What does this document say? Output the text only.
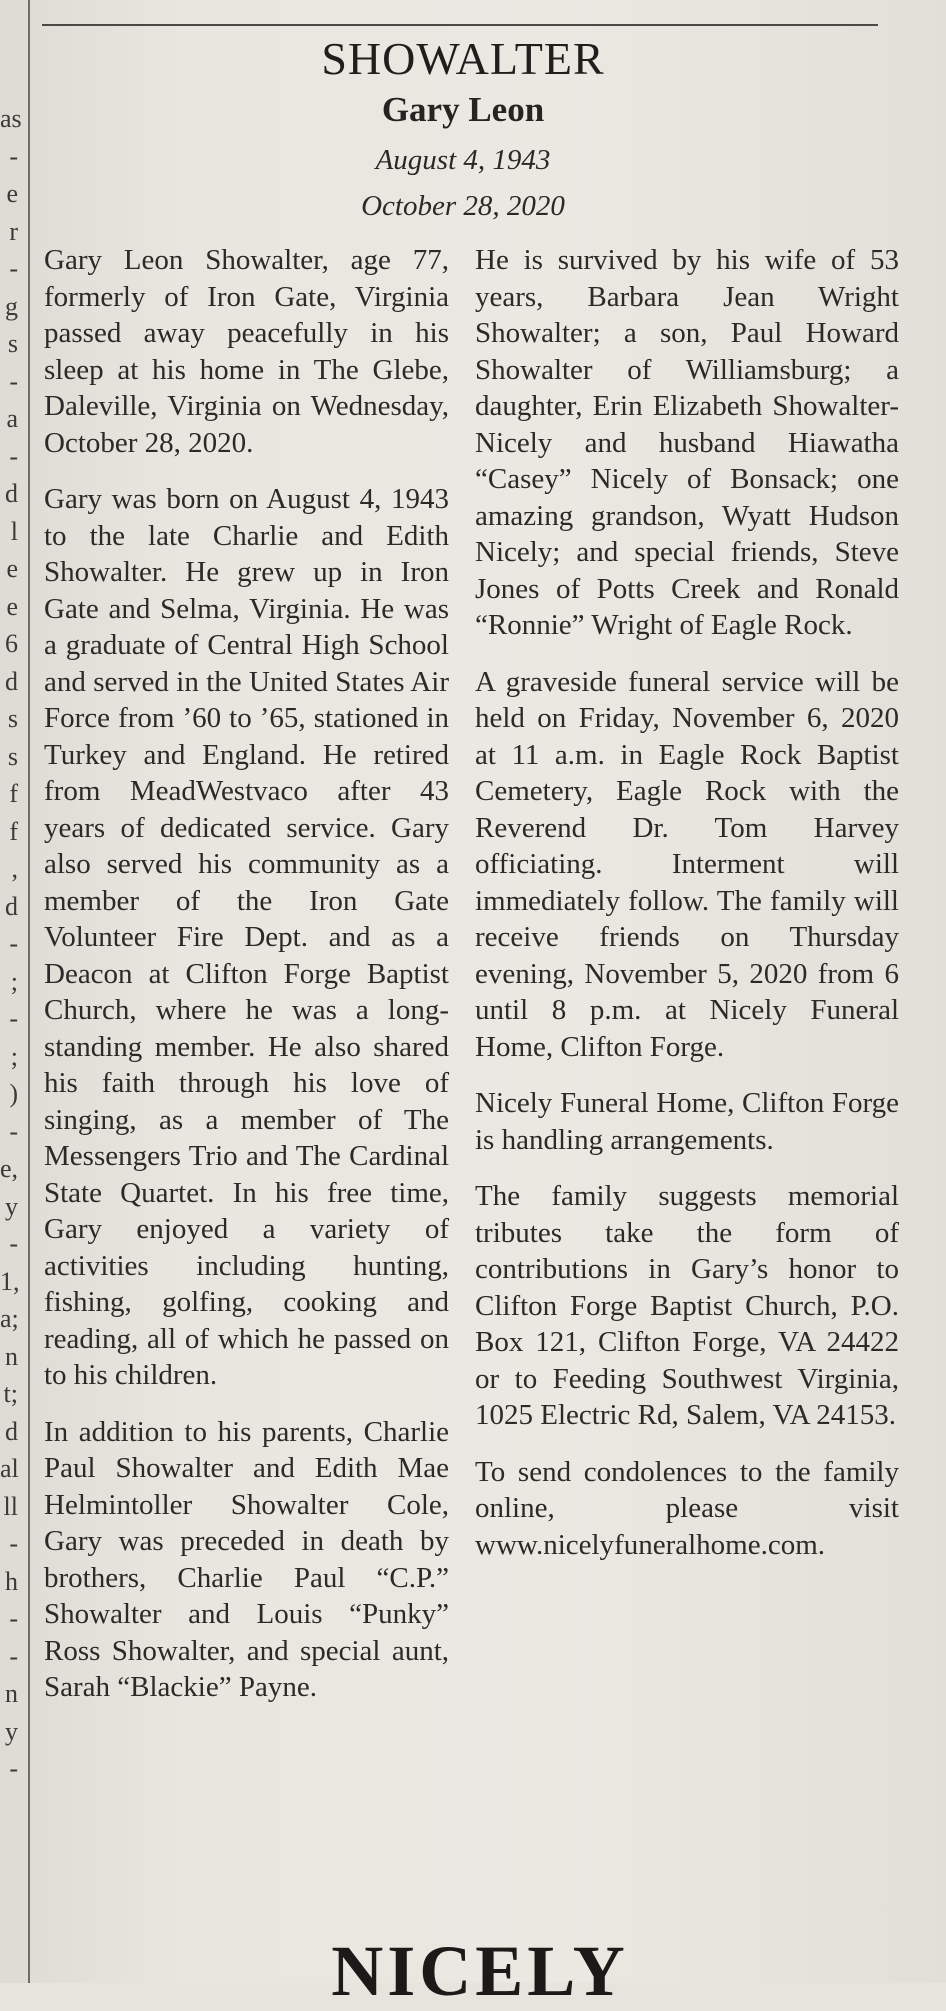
as
-
e
r
-
g
s
-
a
-
d
l
e
e
6
d
s
s
f
f
,
d
-
;
-
;
)
-
e,
y
-
1,
a;
n
t;
d
al
ll
-
h
-
-
n
y
-
SHOWALTER
Gary Leon
August 4, 1943
October 28, 2020

Gary Leon Showalter, age 77, formerly of Iron Gate, Virginia passed away peacefully in his sleep at his home in The Glebe, Daleville, Virginia on Wednesday, October 28, 2020.

Gary was born on August 4, 1943 to the late Charlie and Edith Showalter. He grew up in Iron Gate and Selma, Virginia. He was a graduate of Central High School and served in the United States Air Force from ’60 to ’65, stationed in Turkey and England. He retired from MeadWestvaco after 43 years of dedicated service. Gary also served his community as a member of the Iron Gate Volunteer Fire Dept. and as a Deacon at Clifton Forge Baptist Church, where he was a long-standing member. He also shared his faith through his love of singing, as a member of The Messengers Trio and The Cardinal State Quartet. In his free time, Gary enjoyed a variety of activities including hunting, fishing, golfing, cooking and reading, all of which he passed on to his children.

In addition to his parents, Charlie Paul Showalter and Edith Mae Helmintoller Showalter Cole, Gary was preceded in death by brothers, Charlie Paul “C.P.” Showalter and Louis “Punky” Ross Showalter, and special aunt, Sarah “Blackie” Payne.

He is survived by his wife of 53 years, Barbara Jean Wright Showalter; a son, Paul Howard Showalter of Williamsburg; a daughter, Erin Elizabeth Showalter-Nicely and husband Hiawatha “Casey” Nicely of Bonsack; one amazing grandson, Wyatt Hudson Nicely; and special friends, Steve Jones of Potts Creek and Ronald “Ronnie” Wright of Eagle Rock.

A graveside funeral service will be held on Friday, November 6, 2020 at 11 a.m. in Eagle Rock Baptist Cemetery, Eagle Rock with the Reverend Dr. Tom Harvey officiating. Interment will immediately follow. The family will receive friends on Thursday evening, November 5, 2020 from 6 until 8 p.m. at Nicely Funeral Home, Clifton Forge.

Nicely Funeral Home, Clifton Forge is handling arrangements.

The family suggests memorial tributes take the form of contributions in Gary’s honor to Clifton Forge Baptist Church, P.O. Box 121, Clifton Forge, VA 24422 or to Feeding Southwest Virginia, 1025 Electric Rd, Salem, VA 24153.

To send condolences to the family online, please visit www.nicelyfuneralhome.com.

NICELY
